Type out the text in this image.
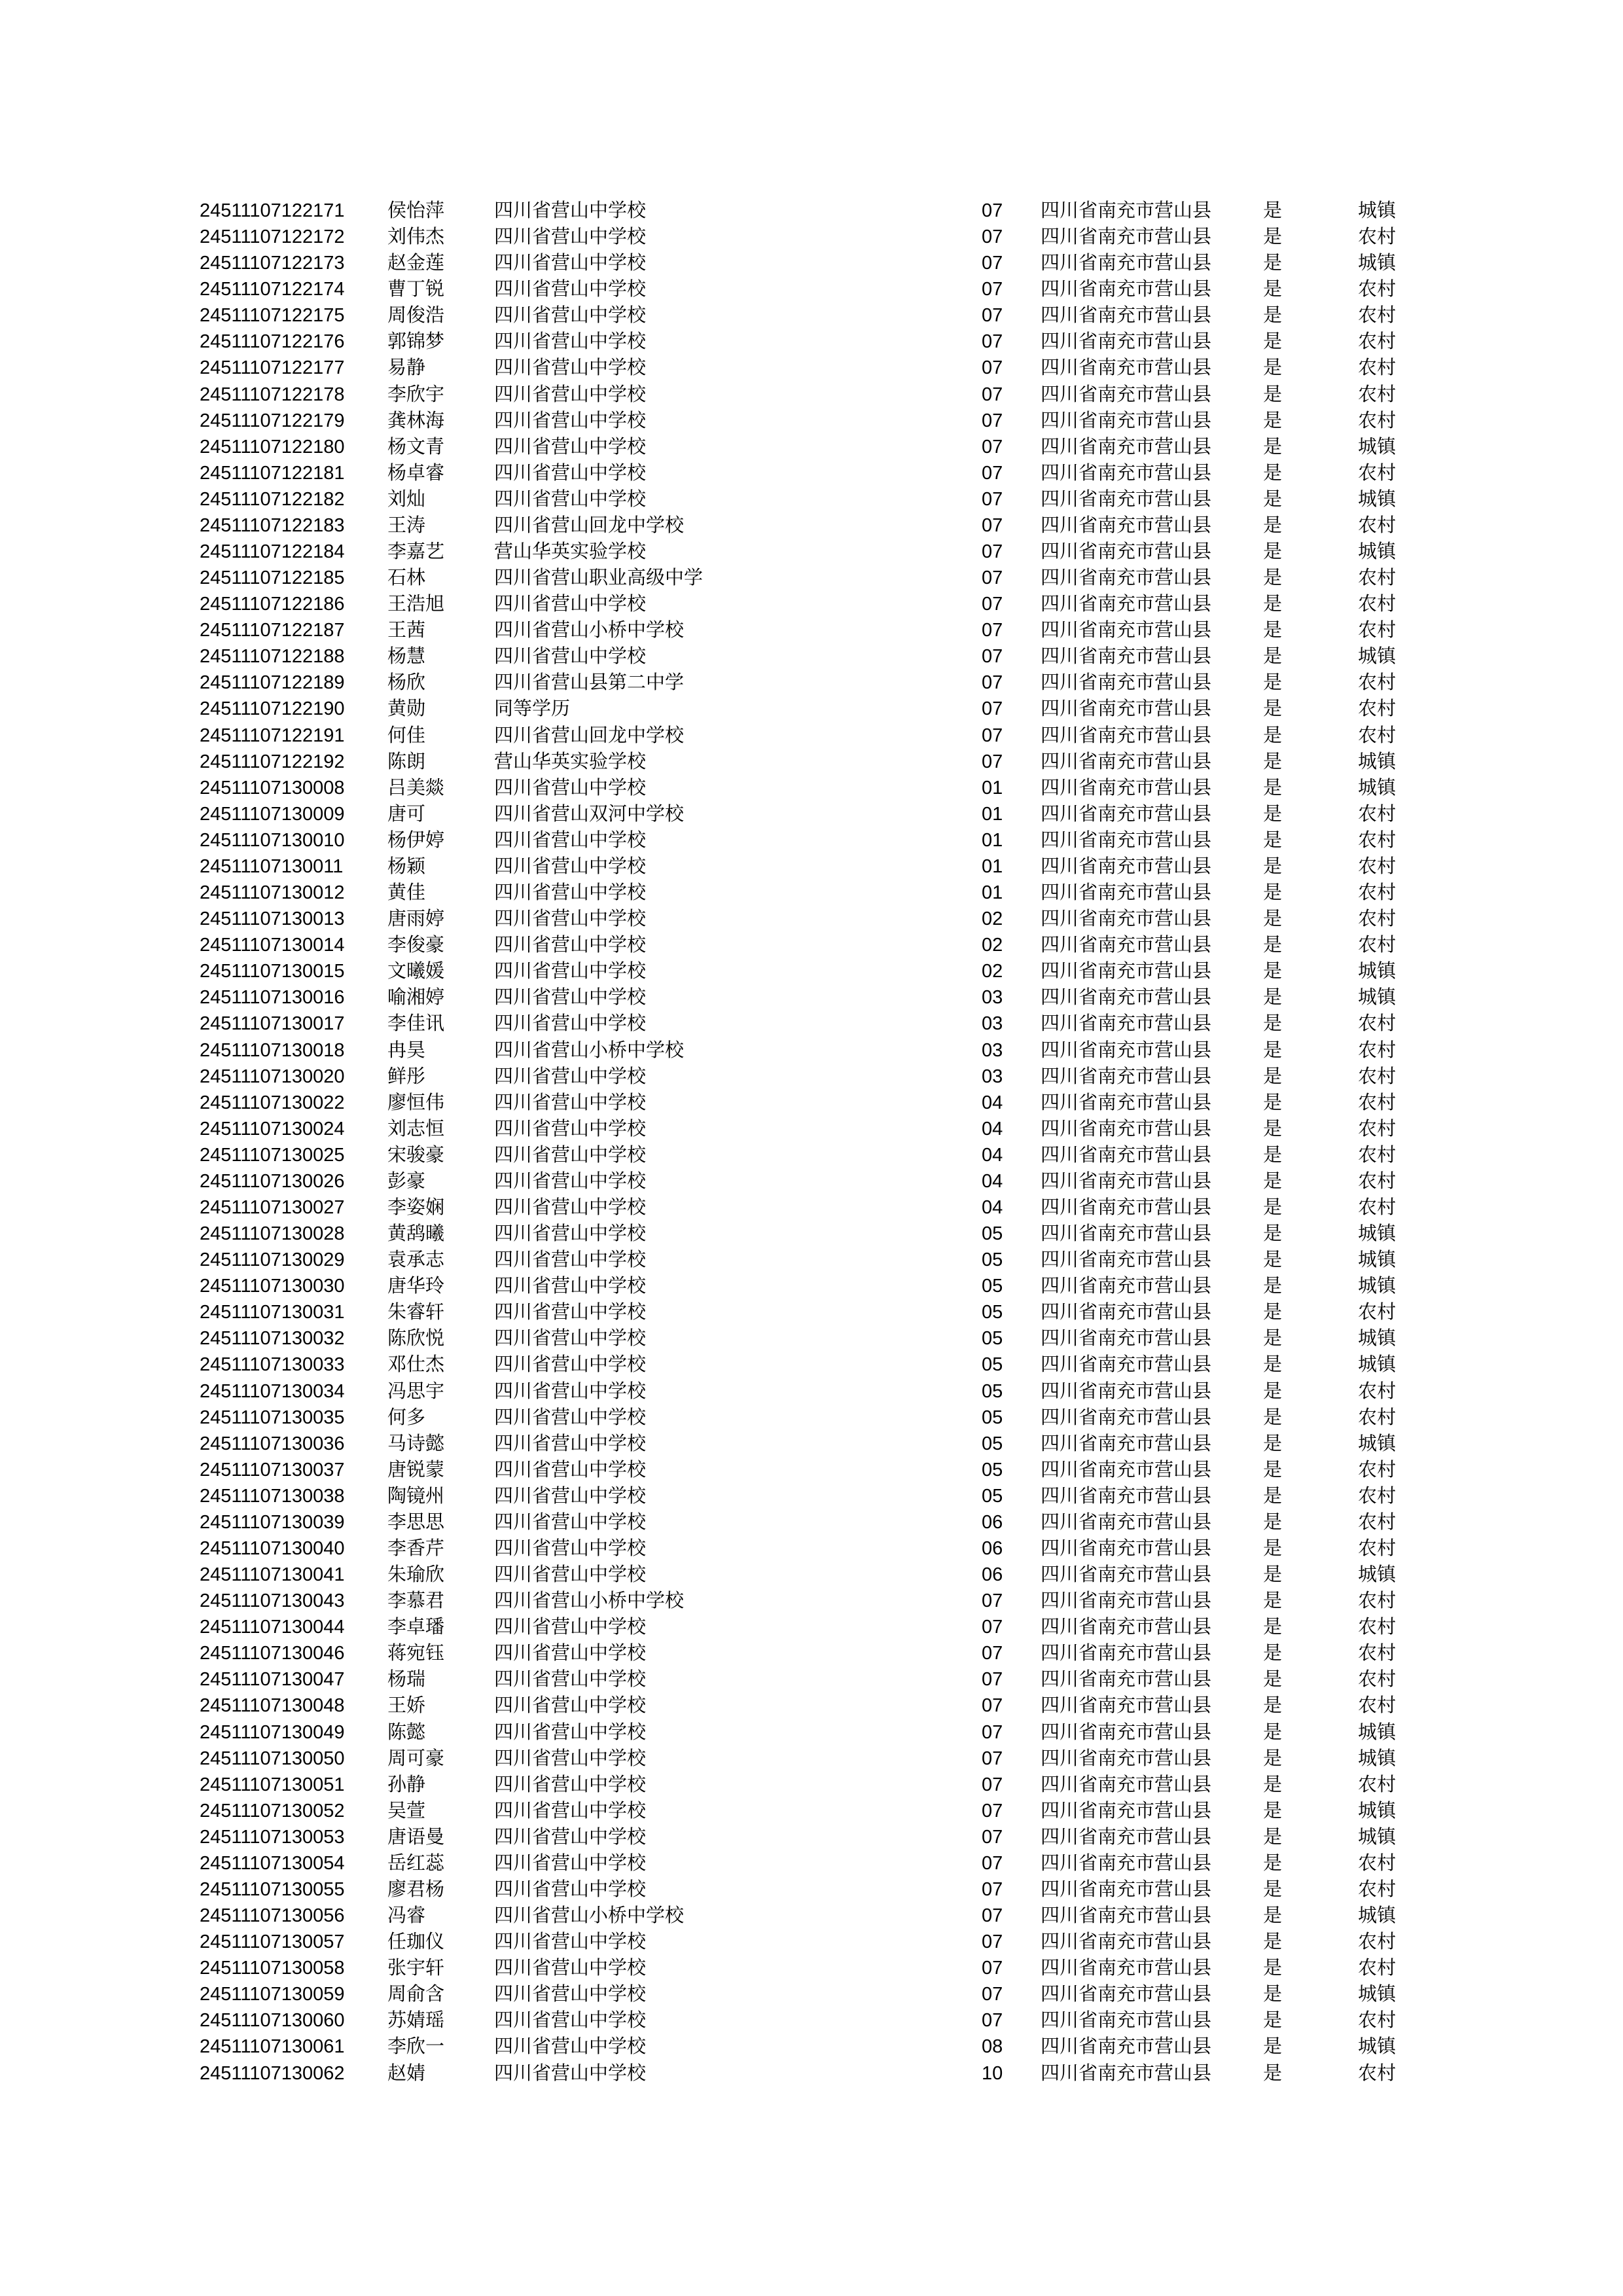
24511107122171 侯怡萍	四川省营山中学校	07 四川省南充市营山县	是	城镇
24511107122172 刘伟杰	四川省营山中学校	07 四川省南充市营山县	是	农村
24511107122173 赵金莲	四川省营山中学校	07 四川省南充市营山县	是	城镇
24511107122174 曹丁锐	四川省营山中学校	07 四川省南充市营山县	是	农村
24511107122175 周俊浩	四川省营山中学校	07 四川省南充市营山县	是	农村
24511107122176 郭锦梦	四川省营山中学校	07 四川省南充市营山县	是	农村
24511107122177 易静	四川省营山中学校	07 四川省南充市营山县	是	农村
24511107122178 李欣宇	四川省营山中学校	07 四川省南充市营山县	是	农村
24511107122179 龚林海	四川省营山中学校	07 四川省南充市营山县	是	农村
24511107122180 杨文青	四川省营山中学校	07 四川省南充市营山县	是	城镇
24511107122181 杨卓睿	四川省营山中学校	07 四川省南充市营山县	是	农村
24511107122182 刘灿	四川省营山中学校	07 四川省南充市营山县	是	城镇
24511107122183 王涛	四川省营山回龙中学校	07 四川省南充市营山县	是	农村
24511107122184 李嘉艺	营山华英实验学校	07 四川省南充市营山县	是	城镇
24511107122185 石林	四川省营山职业高级中学	07 四川省南充市营山县	是	农村
24511107122186 王浩旭	四川省营山中学校	07 四川省南充市营山县	是	农村
24511107122187 王茜	四川省营山小桥中学校	07 四川省南充市营山县	是	农村
24511107122188 杨慧	四川省营山中学校	07 四川省南充市营山县	是	城镇
24511107122189 杨欣	四川省营山县第二中学	07 四川省南充市营山县	是	农村
24511107122190 黄勋	同等学历	07 四川省南充市营山县	是	农村
24511107122191 何佳	四川省营山回龙中学校	07 四川省南充市营山县	是	农村
24511107122192 陈朗	营山华英实验学校	07 四川省南充市营山县	是	城镇
24511107130008 吕美燚	四川省营山中学校	01 四川省南充市营山县	是	城镇
24511107130009 唐可	四川省营山双河中学校	01 四川省南充市营山县	是	农村
24511107130010 杨伊婷	四川省营山中学校	01 四川省南充市营山县	是	农村
24511107130011 杨颖	四川省营山中学校	01 四川省南充市营山县	是	农村
24511107130012 黄佳	四川省营山中学校	01 四川省南充市营山县	是	农村
24511107130013 唐雨婷	四川省营山中学校	02 四川省南充市营山县	是	农村
24511107130014 李俊豪	四川省营山中学校	02 四川省南充市营山县	是	农村
24511107130015 文曦媛	四川省营山中学校	02 四川省南充市营山县	是	城镇
24511107130016 喻湘婷	四川省营山中学校	03 四川省南充市营山县	是	城镇
24511107130017 李佳讯	四川省营山中学校	03 四川省南充市营山县	是	农村
24511107130018 冉昊	四川省营山小桥中学校	03 四川省南充市营山县	是	农村
24511107130020 鲜彤	四川省营山中学校	03 四川省南充市营山县	是	农村
24511107130022 廖恒伟	四川省营山中学校	04 四川省南充市营山县	是	农村
24511107130024 刘志恒	四川省营山中学校	04 四川省南充市营山县	是	农村
24511107130025 宋骏豪	四川省营山中学校	04 四川省南充市营山县	是	农村
24511107130026 彭豪	四川省营山中学校	04 四川省南充市营山县	是	农村
24511107130027 李姿娴	四川省营山中学校	04 四川省南充市营山县	是	农村
24511107130028 黄鸹曦	四川省营山中学校	05 四川省南充市营山县	是	城镇
24511107130029 袁承志	四川省营山中学校	05 四川省南充市营山县	是	城镇
24511107130030 唐华玲	四川省营山中学校	05 四川省南充市营山县	是	城镇
24511107130031 朱睿轩	四川省营山中学校	05 四川省南充市营山县	是	农村
24511107130032 陈欣悦	四川省营山中学校	05 四川省南充市营山县	是	城镇
24511107130033 邓仕杰	四川省营山中学校	05 四川省南充市营山县	是	城镇
24511107130034 冯思宇	四川省营山中学校	05 四川省南充市营山县	是	农村
24511107130035 何多	四川省营山中学校	05 四川省南充市营山县	是	农村
24511107130036 马诗懿	四川省营山中学校	05 四川省南充市营山县	是	城镇
24511107130037 唐锐蒙	四川省营山中学校	05 四川省南充市营山县	是	农村
24511107130038 陶镜州	四川省营山中学校	05 四川省南充市营山县	是	农村
24511107130039 李思思	四川省营山中学校	06 四川省南充市营山县	是	农村
24511107130040 李香芹	四川省营山中学校	06 四川省南充市营山县	是	农村
24511107130041 朱瑜欣	四川省营山中学校	06 四川省南充市营山县	是	城镇
24511107130043 李慕君	四川省营山小桥中学校	07 四川省南充市营山县	是	农村
24511107130044 李卓璠	四川省营山中学校	07 四川省南充市营山县	是	农村
24511107130046 蒋宛钰	四川省营山中学校	07 四川省南充市营山县	是	农村
24511107130047 杨瑞	四川省营山中学校	07 四川省南充市营山县	是	农村
24511107130048 王娇	四川省营山中学校	07 四川省南充市营山县	是	农村
24511107130049 陈懿	四川省营山中学校	07 四川省南充市营山县	是	城镇
24511107130050 周可豪	四川省营山中学校	07 四川省南充市营山县	是	城镇
24511107130051 孙静	四川省营山中学校	07 四川省南充市营山县	是	农村
24511107130052 吴萱	四川省营山中学校	07 四川省南充市营山县	是	城镇
24511107130053 唐语曼	四川省营山中学校	07 四川省南充市营山县	是	城镇
24511107130054 岳红蕊	四川省营山中学校	07 四川省南充市营山县	是	农村
24511107130055 廖君杨	四川省营山中学校	07 四川省南充市营山县	是	农村
24511107130056 冯睿	四川省营山小桥中学校	07 四川省南充市营山县	是	城镇
24511107130057 任珈仪	四川省营山中学校	07 四川省南充市营山县	是	农村
24511107130058 张宇轩	四川省营山中学校	07 四川省南充市营山县	是	农村
24511107130059 周俞含	四川省营山中学校	07 四川省南充市营山县	是	城镇
24511107130060 苏婧瑶	四川省营山中学校	07 四川省南充市营山县	是	农村
24511107130061 李欣一	四川省营山中学校	08 四川省南充市营山县	是	城镇
24511107130062 赵婧	四川省营山中学校	10 四川省南充市营山县	是	农村
